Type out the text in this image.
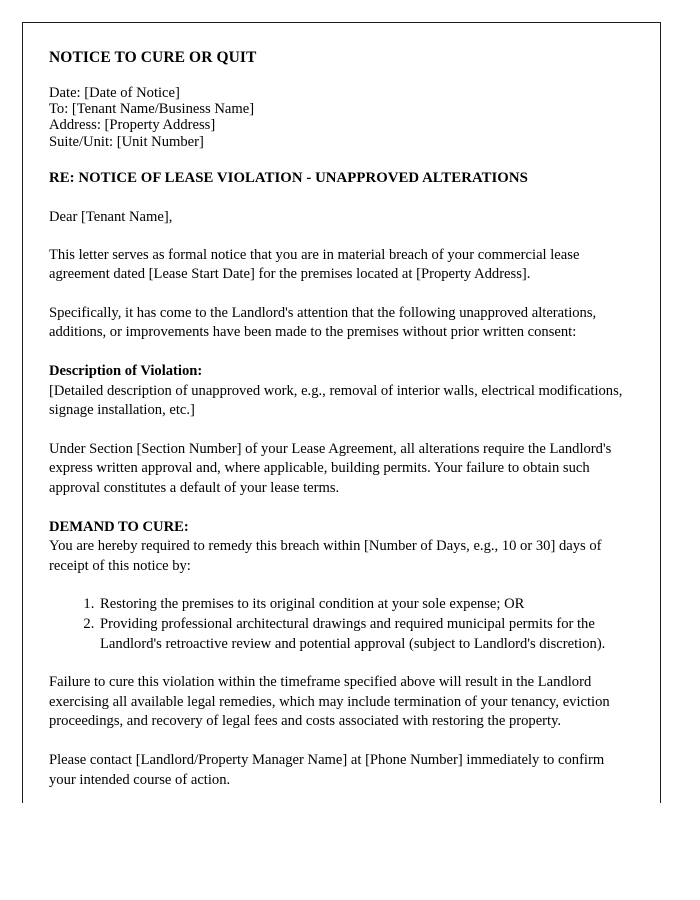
NOTICE TO CURE OR QUIT
Date: [Date of Notice]
To: [Tenant Name/Business Name]
Address: [Property Address]
Suite/Unit: [Unit Number]
RE: NOTICE OF LEASE VIOLATION - UNAPPROVED ALTERATIONS
Dear [Tenant Name],

This letter serves as formal notice that you are in material breach of your commercial lease agreement dated [Lease Start Date] for the premises located at [Property Address].

Specifically, it has come to the Landlord's attention that the following unapproved alterations, additions, or improvements have been made to the premises without prior written consent:

Description of Violation:

[Detailed description of unapproved work, e.g., removal of interior walls, electrical modifications, signage installation, etc.]

Under Section [Section Number] of your Lease Agreement, all alterations require the Landlord's express written approval and, where applicable, building permits. Your failure to obtain such approval constitutes a default of your lease terms.

DEMAND TO CURE:

You are hereby required to remedy this breach within [Number of Days, e.g., 10 or 30] days of receipt of this notice by:

1. Restoring the premises to its original condition at your sole expense; OR
2. Providing professional architectural drawings and required municipal permits for the Landlord's retroactive review and potential approval (subject to Landlord's discretion).

Failure to cure this violation within the timeframe specified above will result in the Landlord exercising all available legal remedies, which may include termination of your tenancy, eviction proceedings, and recovery of legal fees and costs associated with restoring the property.

Please contact [Landlord/Property Manager Name] at [Phone Number] immediately to confirm your intended course of action.
